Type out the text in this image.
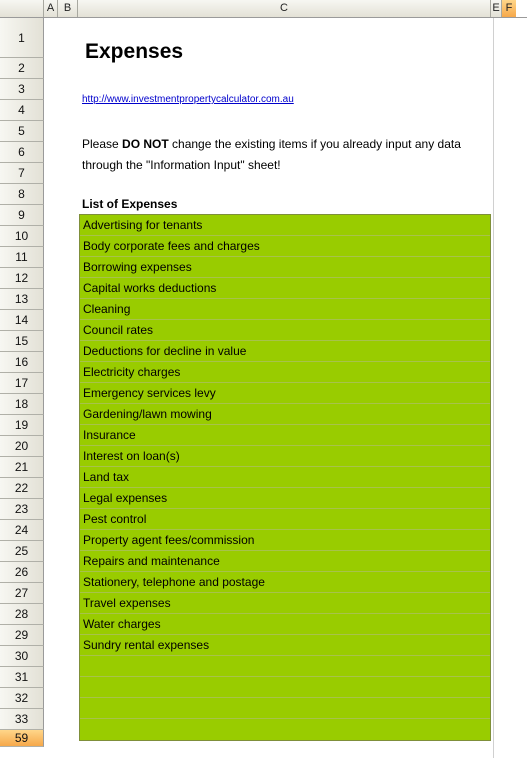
A B	C	E F
1
2
3
4
5
6
7
8
9
10
11
12
13
14
15
16
17
18
19
20
21
22
23
24
25
26
27
28
29
30
31
32
33
59
Expenses
http://www.investmentpropertycalculator.com.au
Please DO NOT change the existing items if you already input any data through the "Information Input" sheet!
List of Expenses
Advertising for tenants
Body corporate fees and charges
Borrowing expenses
Capital works deductions
Cleaning
Council rates
Deductions for decline in value
Electricity charges
Emergency services levy
Gardening/lawn mowing
Insurance
Interest on loan(s)
Land tax
Legal expenses
Pest control
Property agent fees/commission
Repairs and maintenance
Stationery, telephone and postage
Travel expenses
Water charges
Sundry rental expenses
